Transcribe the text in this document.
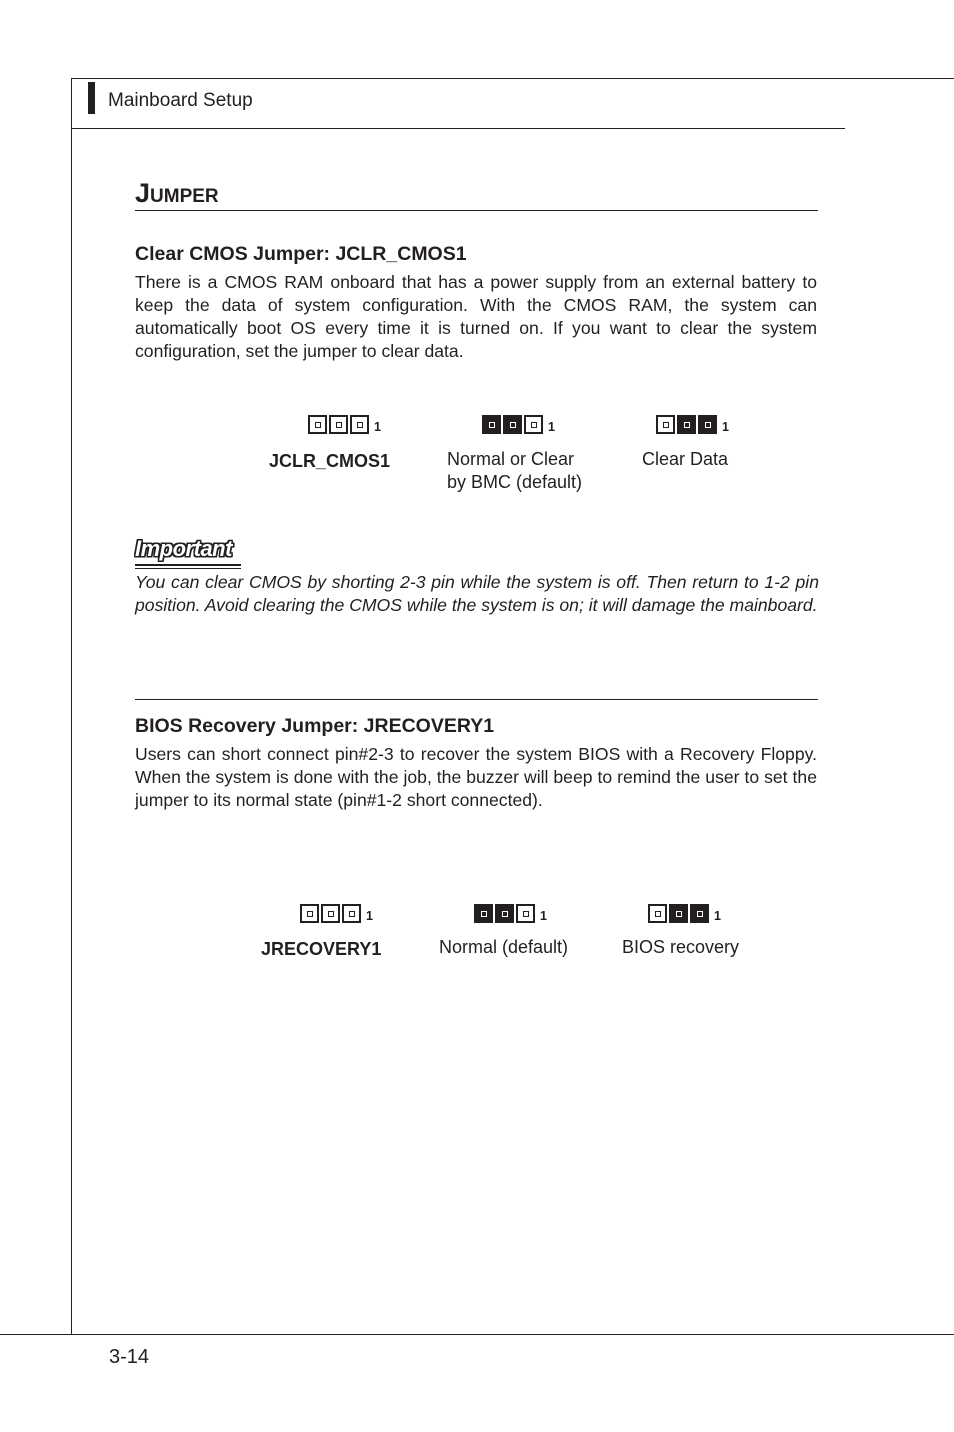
Mainboard Setup
JUMPER
Clear CMOS Jumper: JCLR_CMOS1

There is a CMOS RAM onboard that has a power supply from an external battery to keep the data of system configuration. With the CMOS RAM, the system can automatically boot OS every time it is turned on. If you want to clear the system configuration, set the jumper to clear data.

1
JCLR_CMOS1
1
Normal or Clear
by BMC (default)
1
Clear Data
Important

You can clear CMOS by shorting 2-3 pin while the system is off. Then return to 1-2 pin position. Avoid clearing the CMOS while the system is on; it will damage the mainboard.

BIOS Recovery Jumper: JRECOVERY1

Users can short connect pin#2-3 to recover the system BIOS with a Recovery Floppy. When the system is done with the job, the buzzer will beep to remind the user to set the jumper to its normal state (pin#1-2 short connected).

1
JRECOVERY1
1
Normal (default)
1
BIOS recovery
3-14
